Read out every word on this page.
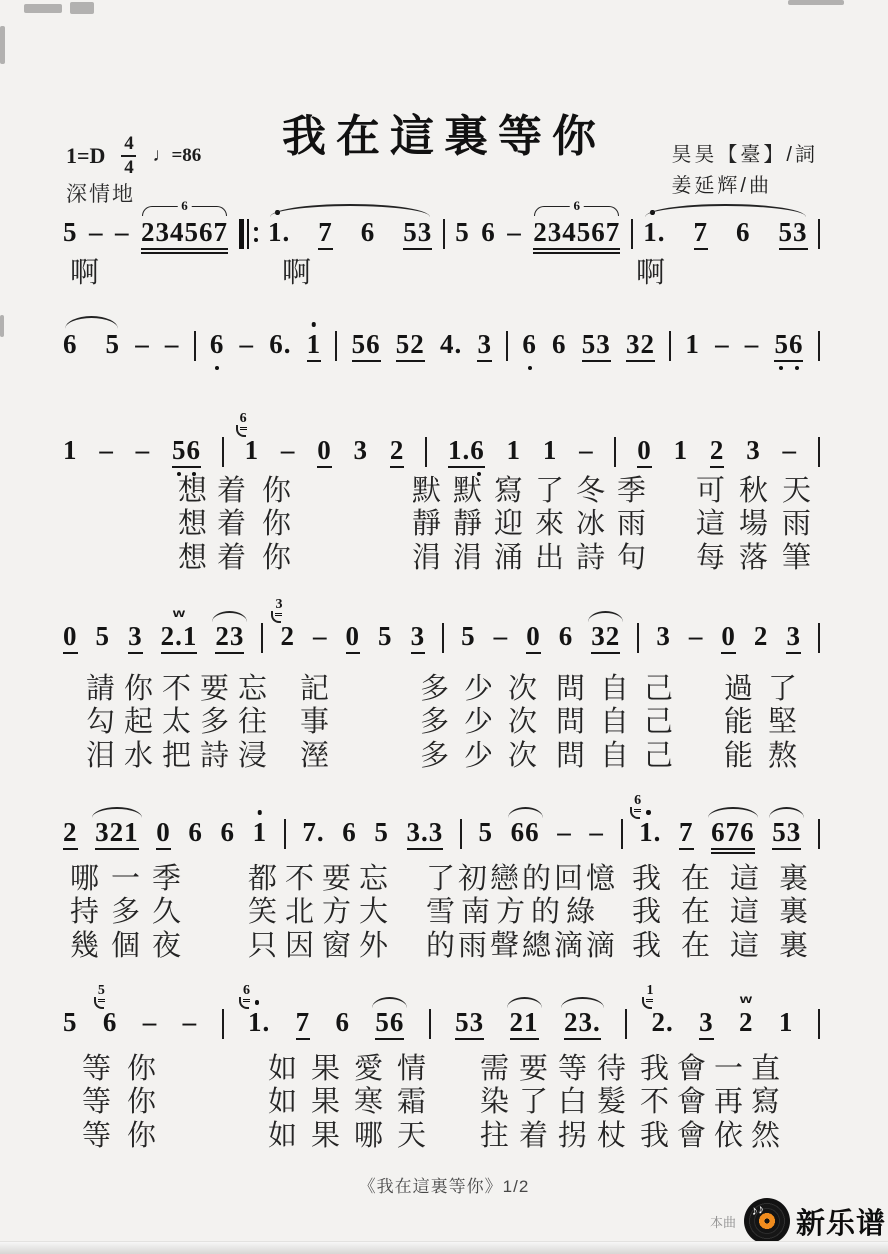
我在這裏等你
1=D 4
4
♩=86
深情地
昊昊【臺】/詞
姜延辉/曲
《我在這裏等你》1/2
本曲
♪♪ 新乐谱
5 – – 234567
6
1. 7 6 53 5 6 – 234567
6
1. 7 6 53
6 5 – – 6 – 6. 1 56 52 4. 3 6 6 53 32 1 – – 56
1 – – 56 1
6
– 0 3 2 1.6 1 1 – 0 1 2 3 –
0 5 3 2.1
w
23 2
3
– 0 5 3 5 – 0 6 32 3 – 0 2 3
2 321 0 6 6 1 7. 6 5 3.3 5 66 – – 1.
6
7 676 53
5 6
5
– – 1.
6
7 6 56 53 21 23. 2.
1
3 2
w
1
啊	啊	啊
想着 你	默默寫了冬季 可秋天
想着 你	靜靜迎來冰雨 這場雨
想着 你	涓涓涌出詩句 每落筆
請你不要忘 記	多少次 問自己 過了
勾起太多往 事	多少次 問自己 能堅
泪水把詩浸 溼	多少次 問自己 能熬
哪一季 都不要忘 了初戀的回憶 我在這裏
持多久 笑北方大 雪南方的綠 我在這裏
幾個夜 只因窗外 的雨聲總滴滴 我在這裏
等你	如果愛情 需要等待 我會一直
等你	如果寒霜 染了白髮 不會再寫
等你	如果哪天 拄着拐杖 我會依然
